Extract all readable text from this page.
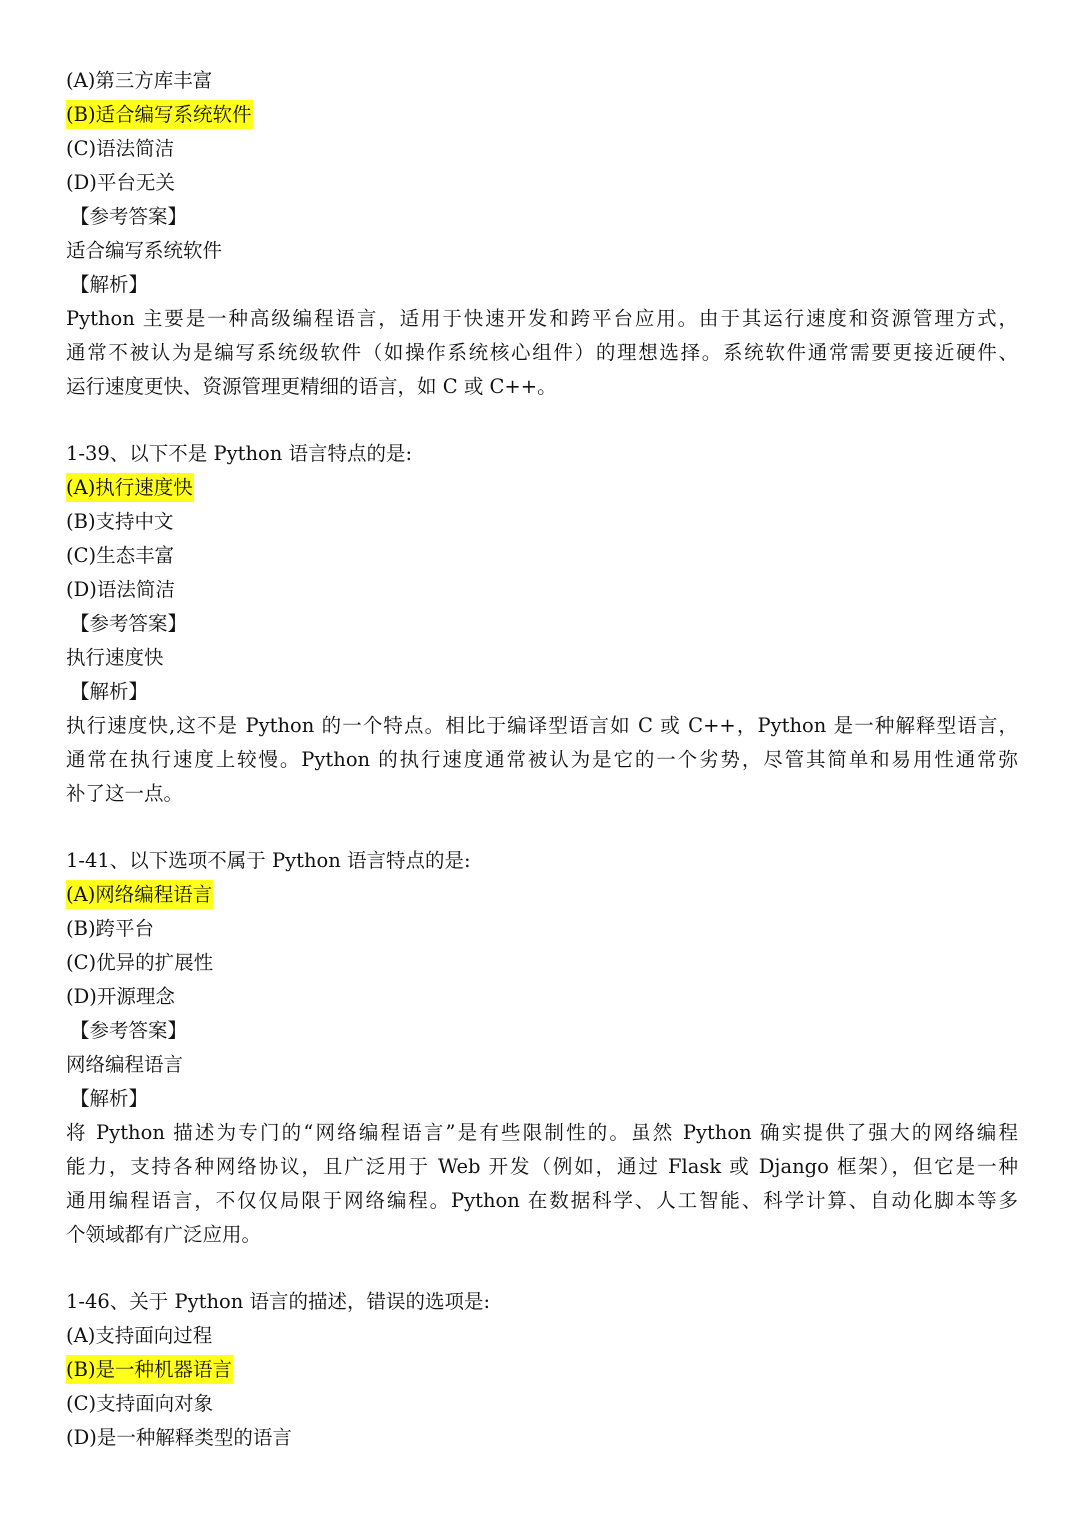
(A)第三方库丰富
(B)适合编写系统软件
(C)语法简洁
(D)平台无关
【参考答案】
适合编写系统软件
【解析】
Python 主要是一种高级编程语言，适用于快速开发和跨平台应用。由于其运行速度和资源管理方式，
通常不被认为是编写系统级软件（如操作系统核心组件）的理想选择。系统软件通常需要更接近硬件、
运行速度更快、资源管理更精细的语言，如 C 或 C++。
1-39、以下不是 Python 语言特点的是:
(A)执行速度快
(B)支持中文
(C)生态丰富
(D)语法简洁
【参考答案】
执行速度快
【解析】
执行速度快,这不是 Python 的一个特点。相比于编译型语言如 C 或 C++，Python 是一种解释型语言，
通常在执行速度上较慢。Python 的执行速度通常被认为是它的一个劣势，尽管其简单和易用性通常弥
补了这一点。
1-41、以下选项不属于 Python 语言特点的是:
(A)网络编程语言
(B)跨平台
(C)优异的扩展性
(D)开源理念
【参考答案】
网络编程语言
【解析】
将 Python 描述为专门的“网络编程语言”是有些限制性的。虽然 Python 确实提供了强大的网络编程
能力，支持各种网络协议，且广泛用于 Web 开发（例如，通过 Flask 或 Django 框架），但它是一种
通用编程语言，不仅仅局限于网络编程。Python 在数据科学、人工智能、科学计算、自动化脚本等多
个领域都有广泛应用。
1-46、关于 Python 语言的描述，错误的选项是:
(A)支持面向过程
(B)是一种机器语言
(C)支持面向对象
(D)是一种解释类型的语言
